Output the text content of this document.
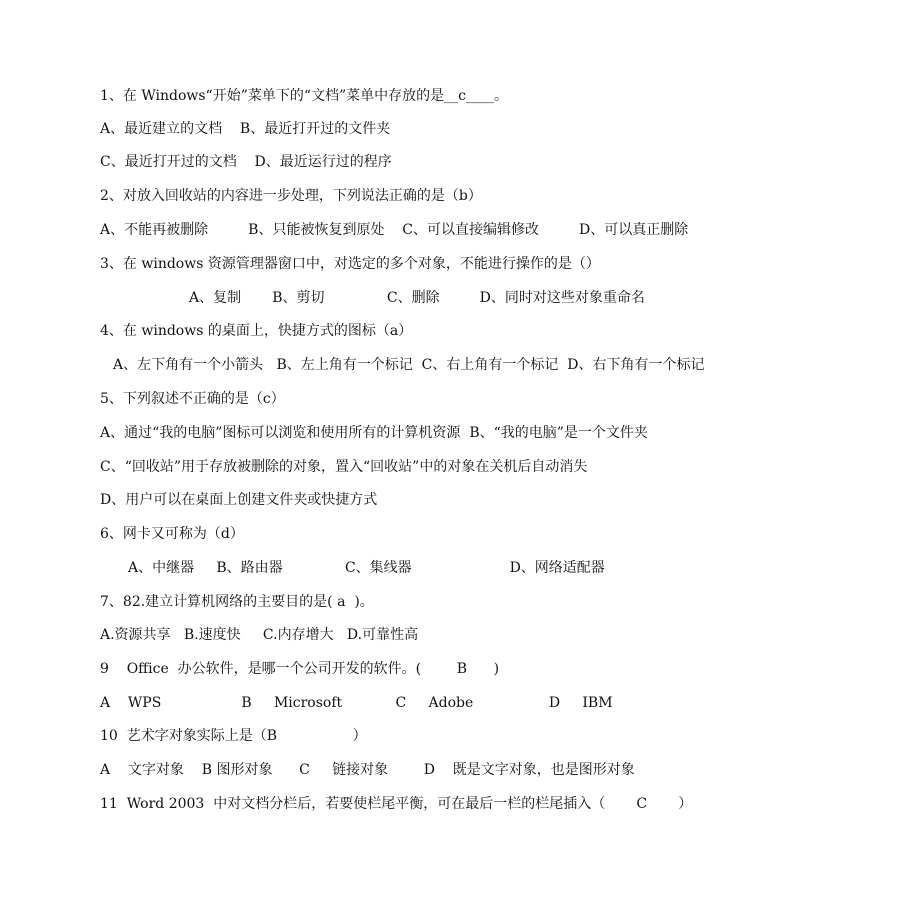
1、在 Windows“开始”菜单下的“文档”菜单中存放的是__c____。
A、最近建立的文档    B、最近打开过的文件夹
C、最近打开过的文档    D、最近运行过的程序
2、对放入回收站的内容进一步处理，下列说法正确的是（b）
A、不能再被删除         B、只能被恢复到原处    C、可以直接编辑修改         D、可以真正删除
3、在 windows 资源管理器窗口中，对选定的多个对象，不能进行操作的是（）
A、复制       B、剪切              C、删除         D、同时对这些对象重命名
4、在 windows 的桌面上，快捷方式的图标（a）
A、左下角有一个小箭头   B、左上角有一个标记  C、右上角有一个标记  D、右下角有一个标记
5、下列叙述不正确的是（c）
A、通过“我的电脑”图标可以浏览和使用所有的计算机资源  B、“我的电脑”是一个文件夹
C、“回收站”用于存放被删除的对象，置入“回收站”中的对象在关机后自动消失
D、用户可以在桌面上创建文件夹或快捷方式
6、网卡又可称为（d）
A、中继器     B、路由器              C、集线器                      D、网络适配器
7、82.建立计算机网络的主要目的是( a  )。
A.资源共享   B.速度快     C.内存增大   D.可靠性高
9    Office  办公软件，是哪一个公司开发的软件。(        B      )
A    WPS                  B     Microsoft            C     Adobe                 D     IBM
10  艺术字对象实际上是（B                 ）
A    文字对象    B 图形对象      C     链接对象        D    既是文字对象，也是图形对象
11  Word 2003  中对文档分栏后，若要使栏尾平衡，可在最后一栏的栏尾插入（       C       ）
